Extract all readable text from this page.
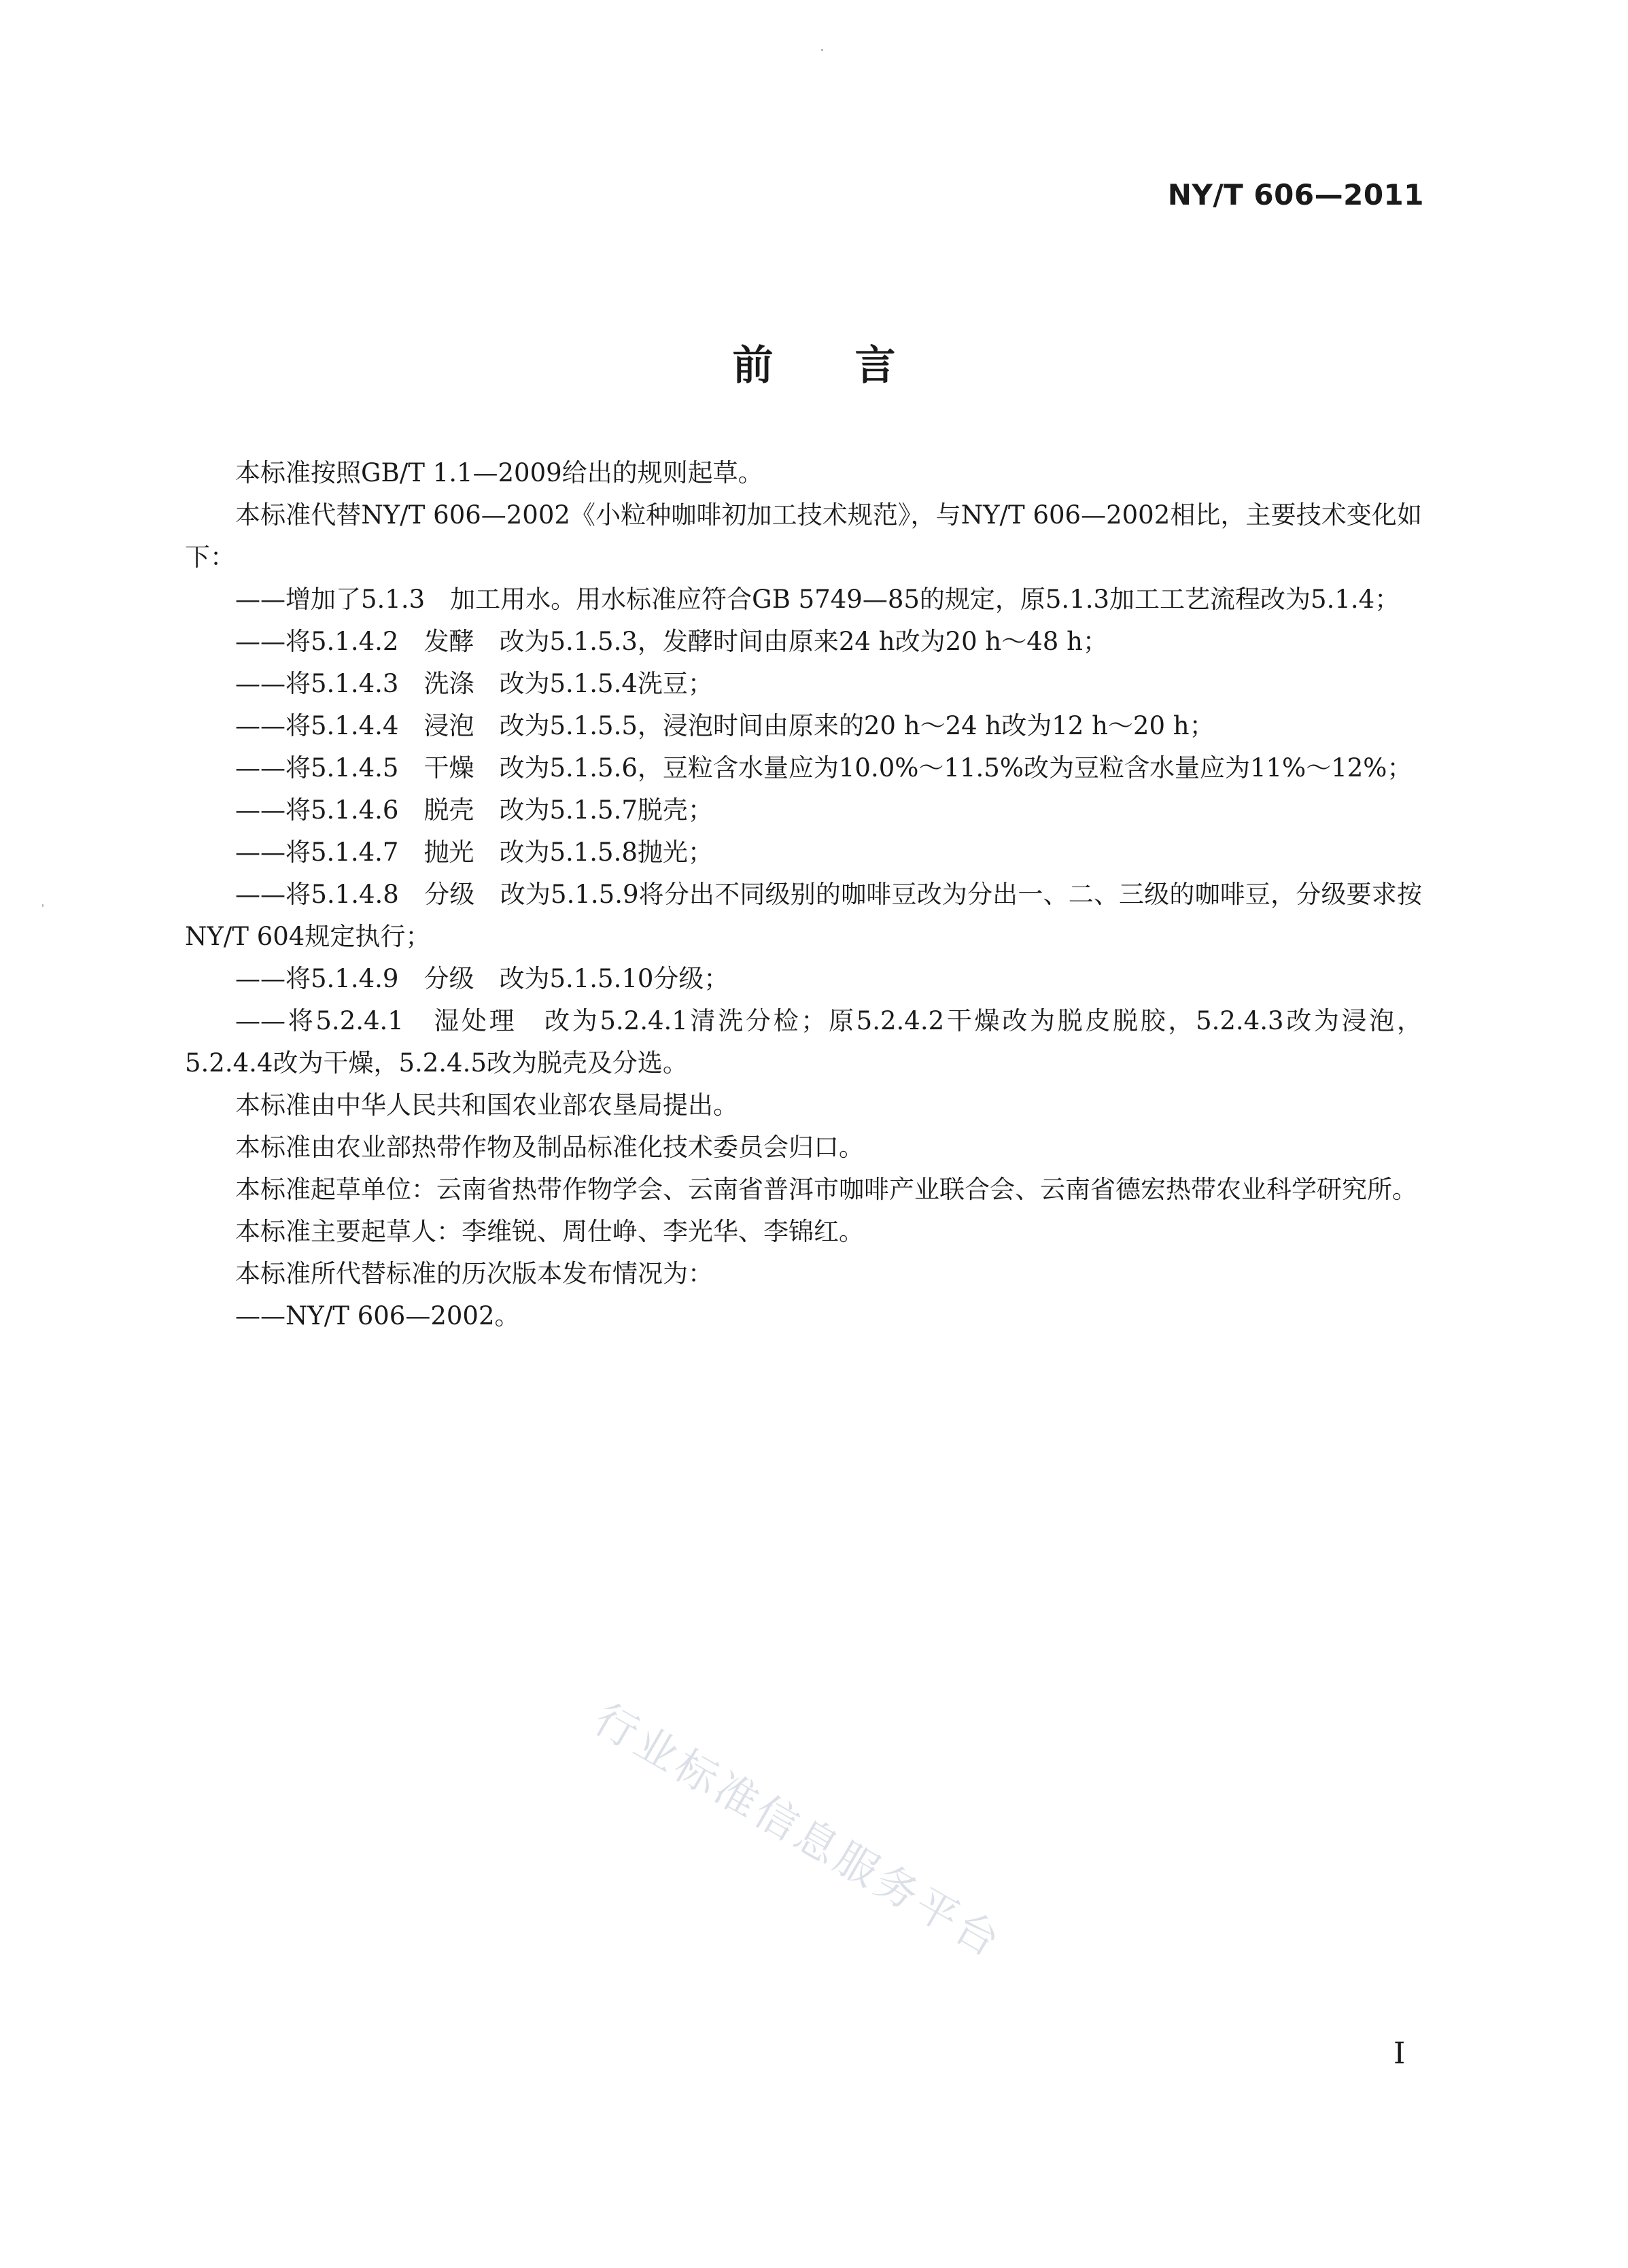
NY/T 606—2011
前言

本标准按照GB/T 1.1—2009给出的规则起草。

本标准代替NY/T 606—2002《小粒种咖啡初加工技术规范》，与NY/T 606—2002相比，主要技术变化如下：

——增加了5.1.3　加工用水。用水标准应符合GB 5749—85的规定，原5.1.3加工工艺流程改为5.1.4；

——将5.1.4.2　发酵　改为5.1.5.3，发酵时间由原来24 h改为20 h～48 h；

——将5.1.4.3　洗涤　改为5.1.5.4洗豆；

——将5.1.4.4　浸泡　改为5.1.5.5，浸泡时间由原来的20 h～24 h改为12 h～20 h；

——将5.1.4.5　干燥　改为5.1.5.6，豆粒含水量应为10.0%～11.5%改为豆粒含水量应为11%～12%；

——将5.1.4.6　脱壳　改为5.1.5.7脱壳；

——将5.1.4.7　抛光　改为5.1.5.8抛光；

——将5.1.4.8　分级　改为5.1.5.9将分出不同级别的咖啡豆改为分出一、二、三级的咖啡豆，分级要求按NY/T 604规定执行；

——将5.1.4.9　分级　改为5.1.5.10分级；

——将5.2.4.1　湿处理　改为5.2.4.1清洗分检；原5.2.4.2干燥改为脱皮脱胶，5.2.4.3改为浸泡，5.2.4.4改为干燥，5.2.4.5改为脱壳及分选。

本标准由中华人民共和国农业部农垦局提出。

本标准由农业部热带作物及制品标准化技术委员会归口。

本标准起草单位：云南省热带作物学会、云南省普洱市咖啡产业联合会、云南省德宏热带农业科学研究所。

本标准主要起草人：李维锐、周仕峥、李光华、李锦红。

本标准所代替标准的历次版本发布情况为：

——NY/T 606—2002。

行业标准信息服务平台
I
